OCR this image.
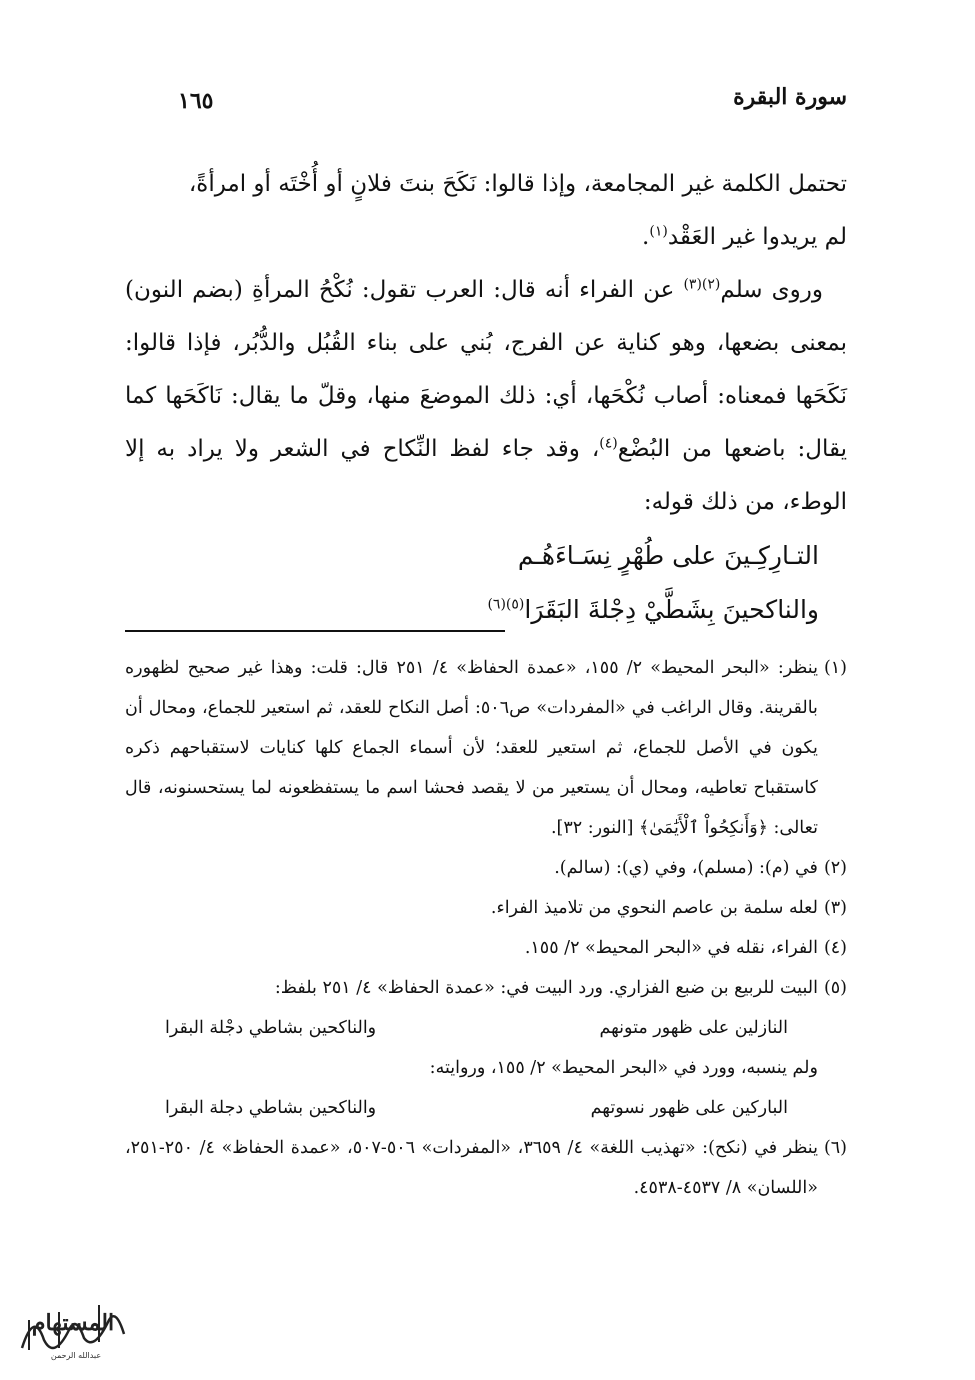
سورة البقرة
١٦٥

تحتمل الكلمة غير المجامعة، وإذا قالوا: نَكَحَ بنتَ فلانٍ أو أُخْتَه أو امرأةً،

لم يريدوا غير العَقْد$^{(١)}$.

وروى سلم$^{(٢)(٣)}$ عن الفراء أنه قال: العرب تقول: نُكْحُ المرأةِ (بضم النون) بمعنى بضعها، وهو كناية عن الفرج، بُني على بناء القُبُل والدُّبُر، فإذا قالوا: نَكَحَها فمعناه: أصاب نُكْحَها، أي: ذلك الموضعَ منها، وقلّ ما يقال: نَاكَحَها كما يقال: باضعها من البُضْع$^{(٤)}$، وقد جاء لفظ النِّكاح في الشعر ولا يراد به إلا الوطء، من ذلك قوله:

التـارِكِـينَ على طُهْرٍ نِسَـاءَهُـم
والناكحينَ بِشَطَّيْ دِجْلةَ البَقَرَا$^{(٥)(٦)}$
(١)
ينظر: «البحر المحيط» ٢/ ١٥٥، «عمدة الحفاظ» ٤/ ٢٥١ قال: قلت: وهذا غير صحيح لظهوره بالقرينة. وقال الراغب في «المفردات» ص٥٠٦: أصل النكاح للعقد، ثم استعير للجماع، ومحال أن يكون في الأصل للجماع، ثم استعير للعقد؛ لأن أسماء الجماع كلها كنايات لاستقباحهم ذكره كاستقباح تعاطيه، ومحال أن يستعير من لا يقصد فحشا اسم ما يستفظعونه لما يستحسنونه، قال تعالى: ﴿وَأَنكِحُواْ ٱلْأَيَٰمَىٰ﴾ [النور: ٣٢].
(٢)
في (م): (مسلم)، وفي (ي): (سالم).
(٣)
لعله سلمة بن عاصم النحوي من تلاميذ الفراء.
(٤)
الفراء، نقله في «البحر المحيط» ٢/ ١٥٥.
(٥)
البيت للربيع بن ضبع الفزاري. ورد البيت في: «عمدة الحفاظ» ٤/ ٢٥١ بلفظ:
النازلين على ظهور متونهم
والناكحين بشاطي دجْلة البقرا
ولم ينسبه، وورد في «البحر المحيط» ٢/ ١٥٥، وروايته:
الباركين على ظهور نسوتهم
والناكحين بشاطي دجلة البقرا
(٦)
ينظر في (نكح): «تهذيب اللغة» ٤/ ٣٦٥٩، «المفردات» ٥٠٦-٥٠٧، «عمدة الحفاظ» ٤/ ٢٥٠-٢٥١، «اللسان» ٨/ ٤٥٣٧-٤٥٣٨.
المستهام
عبدالله الرحمن
